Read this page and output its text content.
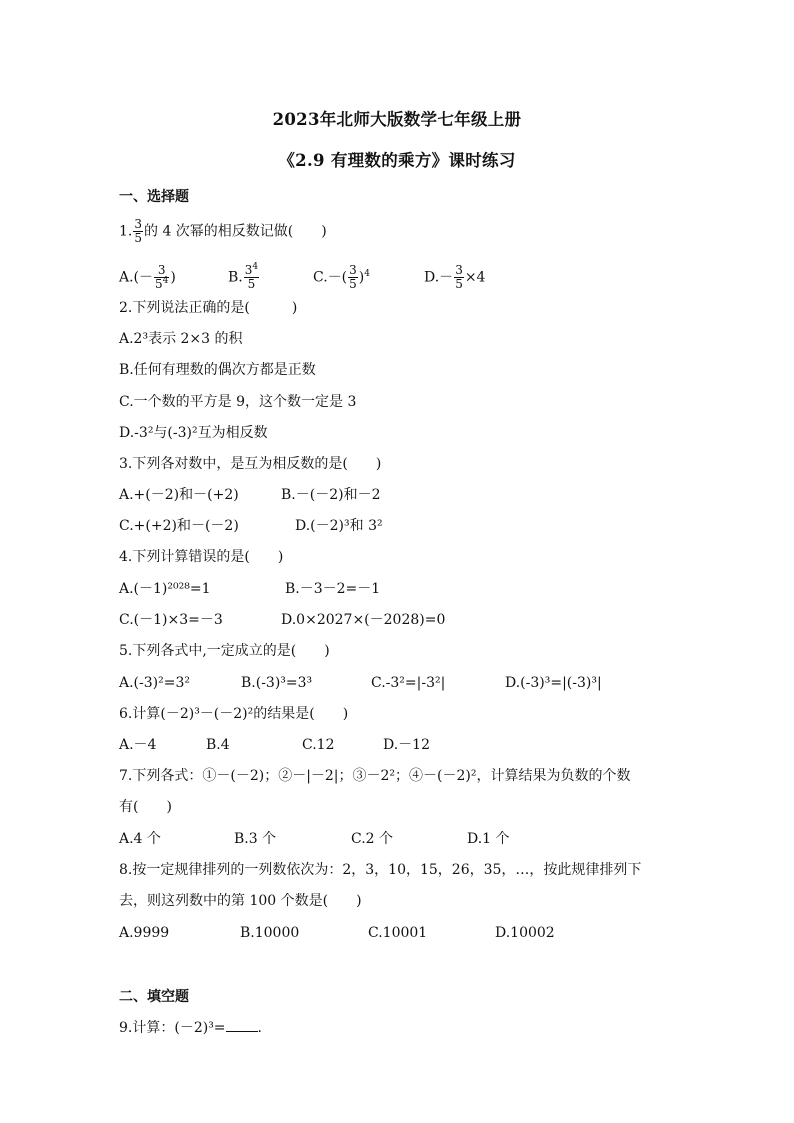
2023年北师大版数学七年级上册
《2.9 有理数的乘方》课时练习
一、选择题
1. $\frac{3}{5}$ 的 4 次幂的相反数记做(　　)
$A.(- \frac{3}{5^4}$ )	B. $\frac{3^4}{5}$	$C.-( \frac{3}{5} )^4$	$D.- \frac{3}{5} \times 4$
2.下列说法正确的是(　　　)
A.2³表示 2×3 的积
B.任何有理数的偶次方都是正数
C.一个数的平方是 9，这个数一定是 3
D.-3²与(-3)²互为相反数
3.下列各对数中，是互为相反数的是(　　)
A.+(－2)和－(+2)	B.－(－2)和－2
C.+(+2)和－(－2)	D.(－2)³和 3²
4.下列计算错误的是(　　)
A.(－1)²⁰²⁸=1	B.－3－2=－1
C.(－1)×3=－3	D.0×2027×(－2028)=0
5.下列各式中,一定成立的是(　　)
A.(-3)²=3²	B.(-3)³=3³	C.-3²=|-3²|	D.(-3)³=|(-3)³|
6.计算(－2)³－(－2)²的结果是(　　)
A.－4	B.4	C.12	D.－12
7.下列各式：①－(－2)；②－|－2|；③－2²；④－(－2)²，计算结果为负数的个数
有(　　)
A.4 个	B.3 个	C.2 个	D.1 个
8.按一定规律排列的一列数依次为：2，3，10，15，26，35，…，按此规律排列下
去，则这列数中的第 100 个数是(　　)
A.9999	B.10000	C.10001	D.10002
二、填空题
9.计算：(－2)³= .
